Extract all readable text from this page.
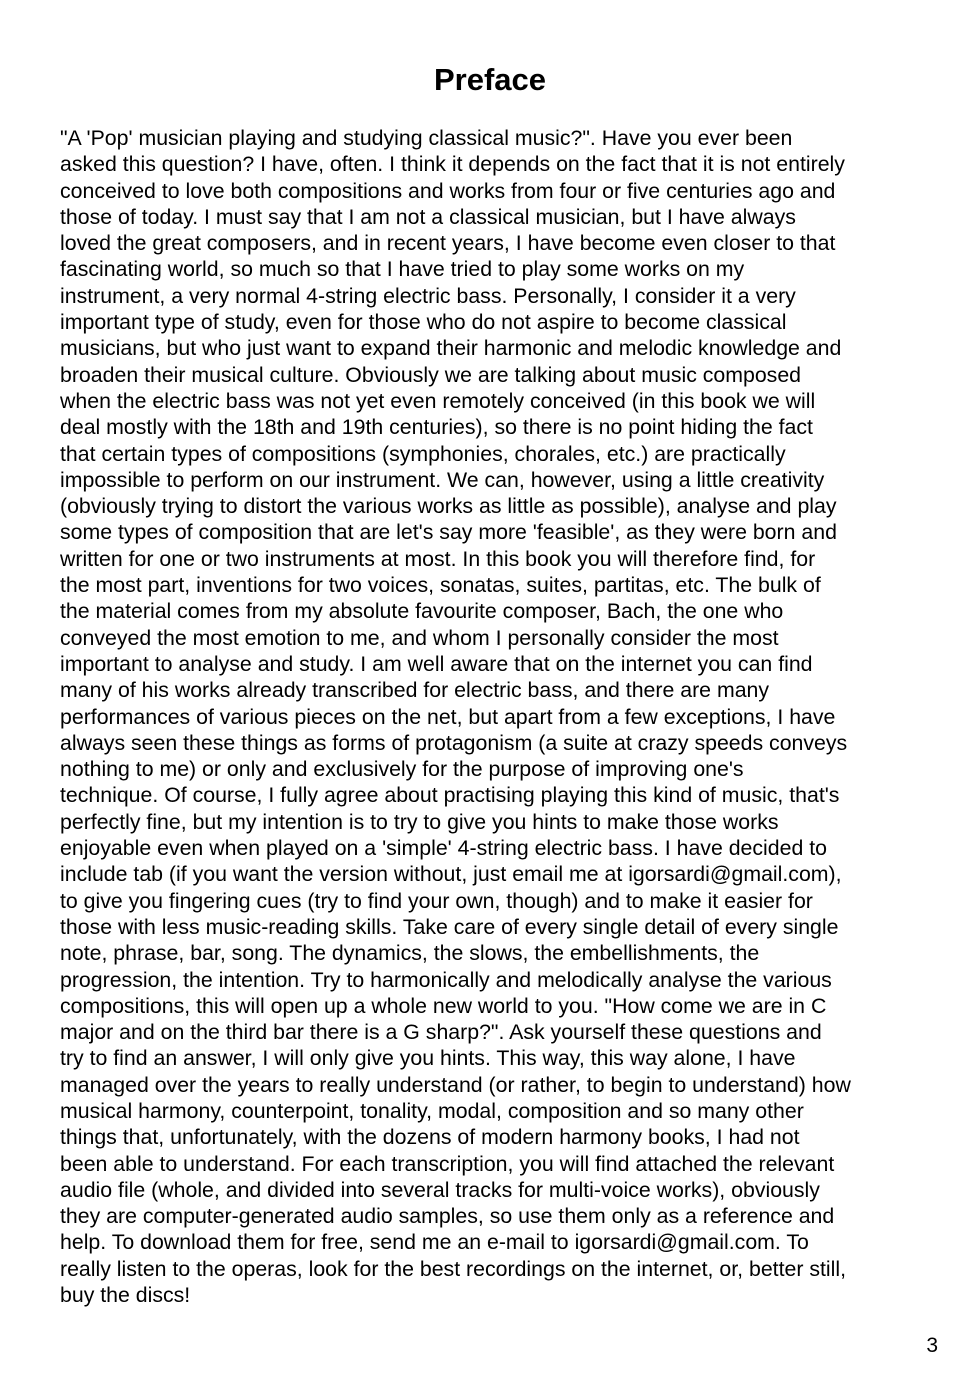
Preface
"A 'Pop' musician playing and studying classical music?". Have you ever been
asked this question? I have, often. I think it depends on the fact that it is not entirely
conceived to love both compositions and works from four or five centuries ago and
those of today. I must say that I am not a classical musician, but I have always
loved the great composers, and in recent years, I have become even closer to that
fascinating world, so much so that I have tried to play some works on my
instrument, a very normal 4-string electric bass. Personally, I consider it a very
important type of study, even for those who do not aspire to become classical
musicians, but who just want to expand their harmonic and melodic knowledge and
broaden their musical culture. Obviously we are talking about music composed
when the electric bass was not yet even remotely conceived (in this book we will
deal mostly with the 18th and 19th centuries), so there is no point hiding the fact
that certain types of compositions (symphonies, chorales, etc.) are practically
impossible to perform on our instrument. We can, however, using a little creativity
(obviously trying to distort the various works as little as possible), analyse and play
some types of composition that are let's say more 'feasible', as they were born and
written for one or two instruments at most. In this book you will therefore find, for
the most part, inventions for two voices, sonatas, suites, partitas, etc. The bulk of
the material comes from my absolute favourite composer, Bach, the one who
conveyed the most emotion to me, and whom I personally consider the most
important to analyse and study. I am well aware that on the internet you can find
many of his works already transcribed for electric bass, and there are many
performances of various pieces on the net, but apart from a few exceptions, I have
always seen these things as forms of protagonism (a suite at crazy speeds conveys
nothing to me) or only and exclusively for the purpose of improving one's
technique. Of course, I fully agree about practising playing this kind of music, that's
perfectly fine, but my intention is to try to give you hints to make those works
enjoyable even when played on a 'simple' 4-string electric bass. I have decided to
include tab (if you want the version without, just email me at igorsardi@gmail.com),
to give you fingering cues (try to find your own, though) and to make it easier for
those with less music-reading skills. Take care of every single detail of every single
note, phrase, bar, song. The dynamics, the slows, the embellishments, the
progression, the intention. Try to harmonically and melodically analyse the various
compositions, this will open up a whole new world to you. "How come we are in C
major and on the third bar there is a G sharp?". Ask yourself these questions and
try to find an answer, I will only give you hints. This way, this way alone, I have
managed over the years to really understand (or rather, to begin to understand) how
musical harmony, counterpoint, tonality, modal, composition and so many other
things that, unfortunately, with the dozens of modern harmony books, I had not
been able to understand. For each transcription, you will find attached the relevant
audio file (whole, and divided into several tracks for multi-voice works), obviously
they are computer-generated audio samples, so use them only as a reference and
help. To download them for free, send me an e-mail to igorsardi@gmail.com. To
really listen to the operas, look for the best recordings on the internet, or, better still,
buy the discs!
3
